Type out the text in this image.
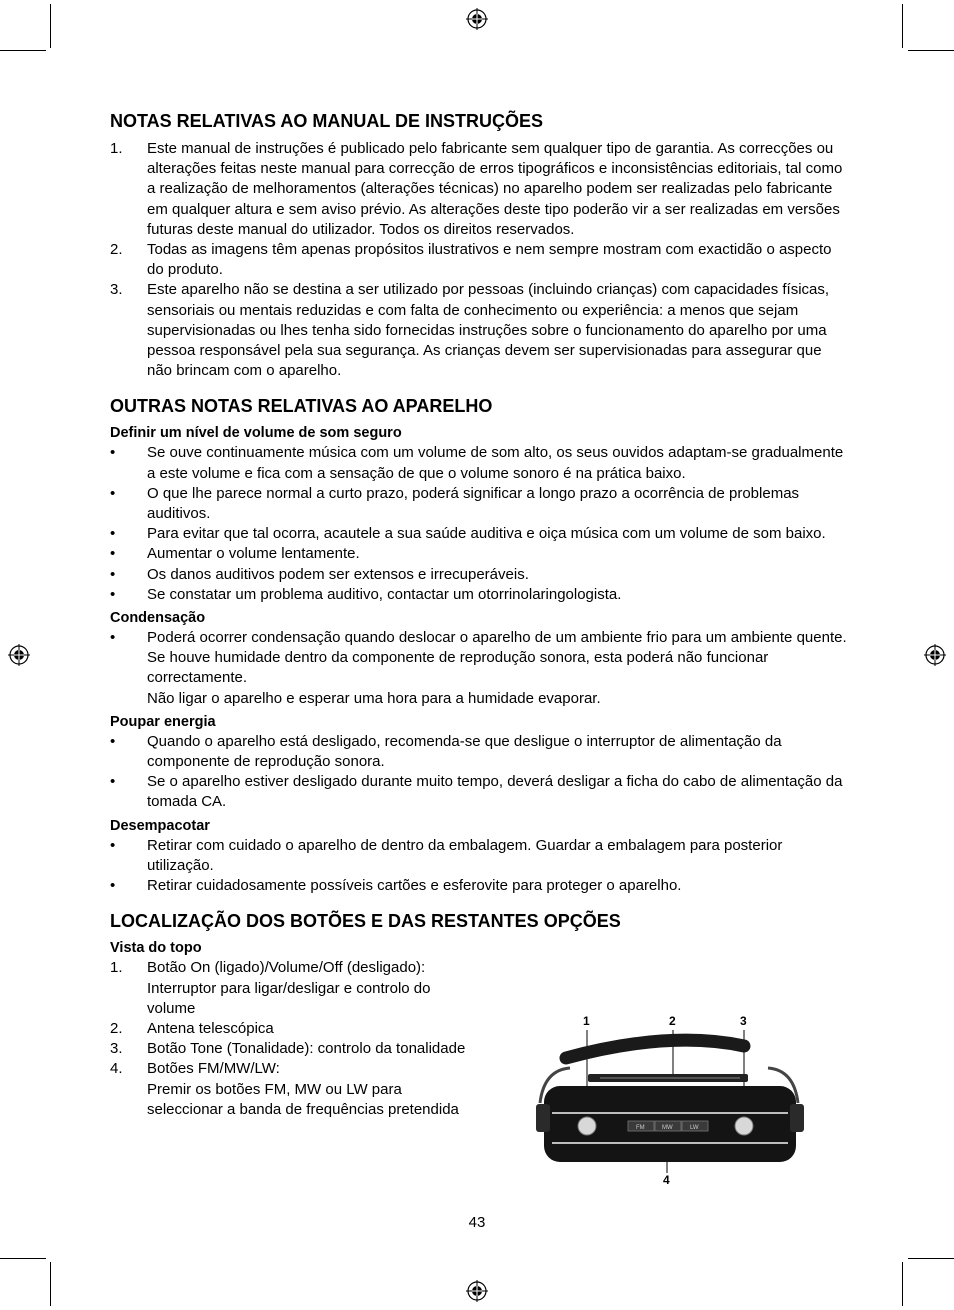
NOTAS RELATIVAS AO MANUAL DE INSTRUÇÕES
1. Este manual de instruções é publicado pelo fabricante sem qualquer tipo de garantia. As correcções ou alterações feitas neste manual para correcção de erros tipográficos e inconsistências editoriais, tal como a realização de melhoramentos (alterações técnicas) no aparelho podem ser realizadas pelo fabricante em qualquer altura e sem aviso prévio. As alterações deste tipo poderão vir a ser realizadas em versões futuras deste manual do utilizador. Todos os direitos reservados.
2. Todas as imagens têm apenas propósitos ilustrativos e nem sempre mostram com exactidão o aspecto do produto.
3. Este aparelho não se destina a ser utilizado por pessoas (incluindo crianças) com capacidades físicas, sensoriais ou mentais reduzidas e com falta de conhecimento ou experiência: a menos que sejam supervisionadas ou lhes tenha sido fornecidas instruções sobre o funcionamento do aparelho por uma pessoa responsável pela sua segurança. As crianças devem ser supervisionadas para assegurar que não brincam com o aparelho.
OUTRAS NOTAS RELATIVAS AO APARELHO
Definir um nível de volume de som seguro
• Se ouve continuamente música com um volume de som alto, os seus ouvidos adaptam-se gradualmente a este volume e fica com a sensação de que o volume sonoro é na prática baixo.
• O que lhe parece normal a curto prazo, poderá significar a longo prazo a ocorrência de problemas auditivos.
• Para evitar que tal ocorra, acautele a sua saúde auditiva e oiça música com um volume de som baixo.
• Aumentar o volume lentamente.
• Os danos auditivos podem ser extensos e irrecuperáveis.
• Se constatar um problema auditivo, contactar um otorrinolaringologista.
Condensação
• Poderá ocorrer condensação quando deslocar o aparelho de um ambiente frio para um ambiente quente. Se houve humidade dentro da componente de reprodução sonora, esta poderá não funcionar correctamente.
Não ligar o aparelho e esperar uma hora para a humidade evaporar.
Poupar energia
• Quando o aparelho está desligado, recomenda-se que desligue o interruptor de alimentação da componente de reprodução sonora.
• Se o aparelho estiver desligado durante muito tempo, deverá desligar a ficha do cabo de alimentação da tomada CA.
Desempacotar
• Retirar com cuidado o aparelho de dentro da embalagem. Guardar a embalagem para posterior utilização.
• Retirar cuidadosamente possíveis cartões e esferovite para proteger o aparelho.
LOCALIZAÇÃO DOS BOTÕES E DAS RESTANTES OPÇÕES
Vista do topo
1. Botão On (ligado)/Volume/Off (desligado): Interruptor para ligar/desligar e controlo do volume
2. Antena telescópica
3. Botão Tone (Tonalidade): controlo da tonalidade
4. Botões FM/MW/LW:
Premir os botões FM, MW ou LW para seleccionar a banda de frequências pretendida
1	2	3
4
FM	MW	LW
43
